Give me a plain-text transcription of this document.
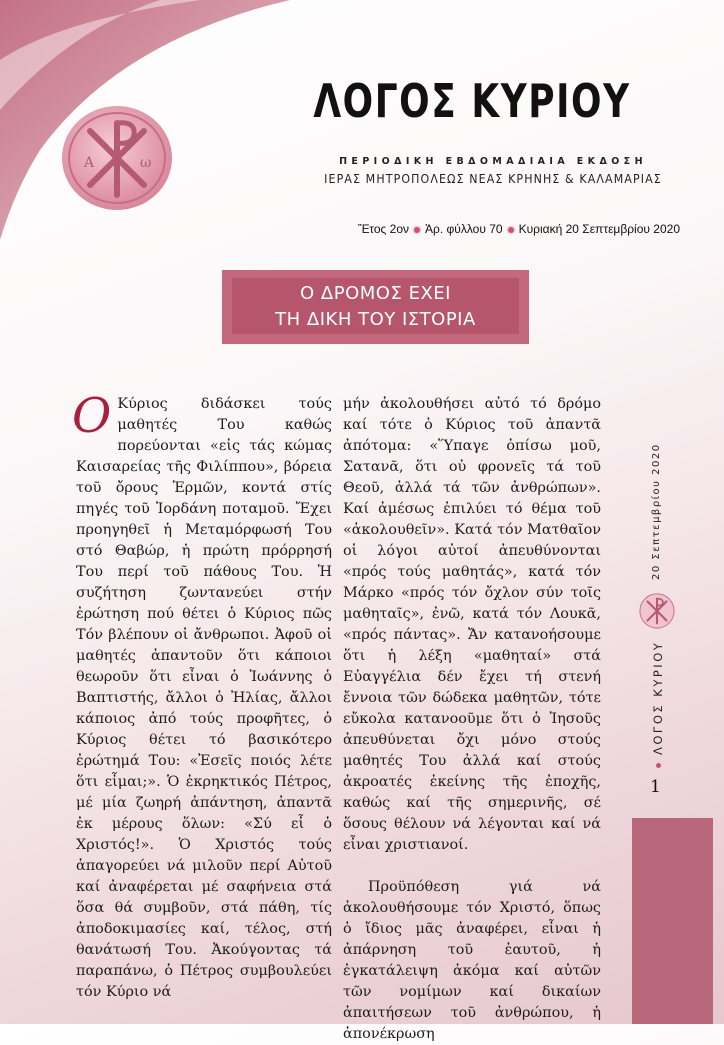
Α	ω
ΛΟΓΟΣ ΚΥΡΙΟΥ
ΠΕΡΙΟΔΙΚΗ ΕΒΔΟΜΑΔΙΑΙΑ ΕΚΔΟΣΗ
ΙΕΡΑΣ ΜΗΤΡΟΠΟΛΕΩΣ ΝΕΑΣ ΚΡΗΝΗΣ & ΚΑΛΑΜΑΡΙΑΣ
Ἔτος 2ον Ἀρ. φύλλου 70 Κυριακή 20 Σεπτεμβρίου 2020
Ο ΔΡΟΜΟΣ ΕΧΕΙ
ΤΗ ΔΙΚΗ ΤΟΥ ΙΣΤΟΡΙΑ
Ο Κύριος διδάσκει τούς μαθητές Του καθώς πορεύονται «εἰς τάς κώμας Καισαρείας τῆς Φιλίππου», βόρεια τοῦ ὄρους Ἑρμῶν, κοντά στίς πηγές τοῦ Ἰορδάνη ποταμοῦ. Ἔχει προηγηθεῖ ἡ Μεταμόρφωσή Του στό Θαβώρ, ἡ πρώτη πρόρρησή Του περί τοῦ πάθους Του. Ἡ συζήτηση ζωντανεύει στήν ἐρώτηση πού θέτει ὁ Κύριος πῶς Τόν βλέπουν οἱ ἄνθρωποι. Ἀφοῦ οἱ μαθητές ἀπαντοῦν ὅτι κάποιοι θεωροῦν ὅτι εἶναι ὁ Ἰωάννης ὁ Βαπτιστής, ἄλλοι ὁ Ἠλίας, ἄλλοι κάποιος ἀπό τούς προφῆτες, ὁ Κύριος θέτει τό βασικότερο ἐρώτημά Του: «Ἐσεῖς ποιός λέτε ὅτι εἶμαι;». Ὁ ἐκρηκτικός Πέτρος, μέ μία ζωηρή ἀπάντηση, ἀπαντᾶ ἐκ μέρους ὅλων: «Σύ εἶ ὁ Χριστός!». Ὁ Χριστός τούς ἀπαγορεύει νά μιλοῦν περί Αὐτοῦ καί ἀναφέρεται μέ σαφήνεια στά ὅσα θά συμβοῦν, στά πάθη, τίς ἀποδοκιμασίες καί, τέλος, στή θανάτωσή Του. Ἀκούγοντας τά παραπάνω, ὁ Πέτρος συμβουλεύει τόν Κύριο νά

μήν ἀκολουθήσει αὐτό τό δρόμο καί τότε ὁ Κύριος τοῦ ἀπαντᾶ ἀπότομα: «Ὕπαγε ὀπίσω μοῦ, Σατανᾶ, ὅτι οὐ φρονεῖς τά τοῦ Θεοῦ, ἀλλά τά τῶν ἀνθρώπων». Καί ἀμέσως ἐπιλύει τό θέμα τοῦ «ἀκολουθεῖν». Κατά τόν Ματθαῖον οἱ λόγοι αὐτοί ἀπευθύνονται «πρός τούς μαθητάς», κατά τόν Μάρκο «πρός τόν ὄχλον σύν τοῖς μαθηταῖς», ἐνῶ, κατά τόν Λουκᾶ, «πρός πάντας». Ἄν κατανοήσουμε ὅτι ἡ λέξη «μαθηταί» στά Εὐαγγέλια δέν ἔχει τή στενή ἔννοια τῶν δώδεκα μαθητῶν, τότε εὔκολα κατανοοῦμε ὅτι ὁ Ἰησοῦς ἀπευθύνεται ὄχι μόνο στούς μαθητές Του ἀλλά καί στούς ἀκροατές ἐκείνης τῆς ἐποχῆς, καθώς καί τῆς σημερινῆς, σέ ὅσους θέλουν νά λέγονται καί νά εἶναι χριστιανοί.

Προϋπόθεση γιά νά ἀκολουθήσουμε τόν Χριστό, ὅπως ὁ ἴδιος μᾶς ἀναφέρει, εἶναι ἡ ἀπάρνηση τοῦ ἑαυτοῦ, ἡ ἐγκατάλειψη ἀκόμα καί αὐτῶν τῶν νομίμων καί δικαίων ἀπαιτήσεων τοῦ ἀνθρώπου, ἡ ἀπονέκρωση

20 Σεπτεμβρίου 2020
ΛΟΓΟΣ ΚΥΡΙΟΥ
1
